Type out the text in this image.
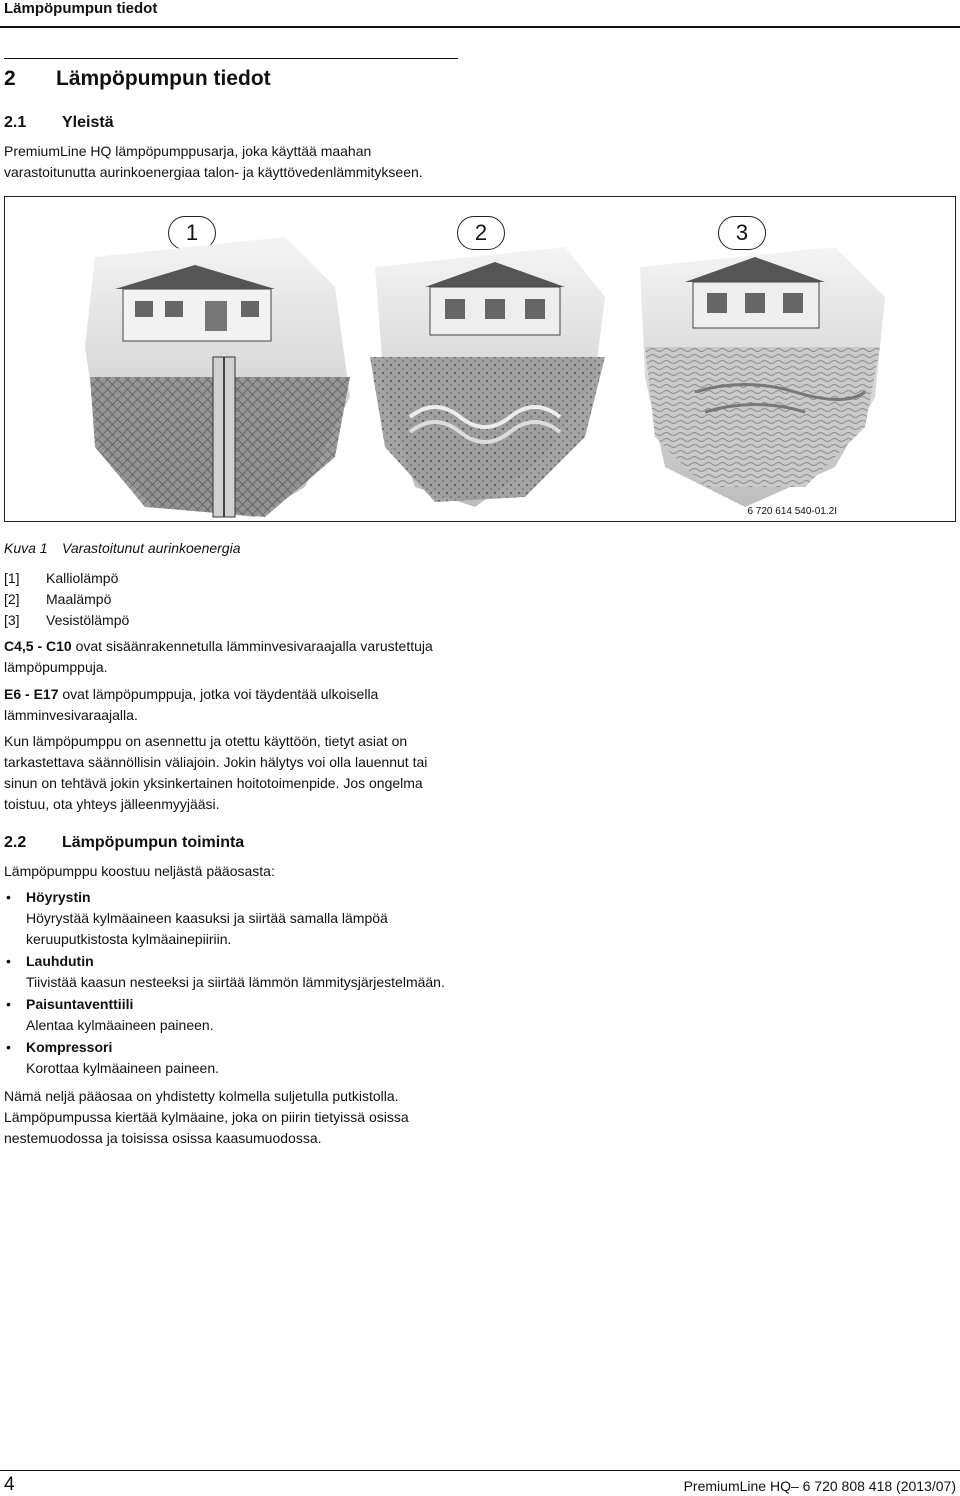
Lämpöpumpun tiedot
2 Lämpöpumpun tiedot
2.1 Yleistä
PremiumLine HQ lämpöpumppusarja, joka käyttää maahan
varastoitunutta aurinkoenergiaa talon- ja käyttövedenlämmitykseen.
1	2	3
6 720 614 540-01.2I
Kuva 1 Varastoitunut aurinkoenergia
[1] Kalliolämpö
[2] Maalämpö
[3] Vesistölämpö
C4,5 - C10 ovat sisäänrakennetulla lämminvesivaraajalla varustettuja
lämpöpumppuja.
E6 - E17 ovat lämpöpumppuja, jotka voi täydentää ulkoisella
lämminvesivaraajalla.
Kun lämpöpumppu on asennettu ja otettu käyttöön, tietyt asiat on
tarkastettava säännöllisin väliajoin. Jokin hälytys voi olla lauennut tai
sinun on tehtävä jokin yksinkertainen hoitotoimenpide. Jos ongelma
toistuu, ota yhteys jälleenmyyjääsi.
2.2 Lämpöpumpun toiminta
Lämpöpumppu koostuu neljästä pääosasta:
• Höyrystin
Höyrystää kylmäaineen kaasuksi ja siirtää samalla lämpöä
keruuputkistosta kylmäainepiiriin.
• Lauhdutin
Tiivistää kaasun nesteeksi ja siirtää lämmön lämmitysjärjestelmään.
• Paisuntaventtiili
Alentaa kylmäaineen paineen.
• Kompressori
Korottaa kylmäaineen paineen.
Nämä neljä pääosaa on yhdistetty kolmella suljetulla putkistolla.
Lämpöpumpussa kiertää kylmäaine, joka on piirin tietyissä osissa
nestemuodossa ja toisissa osissa kaasumuodossa.
4	PremiumLine HQ– 6 720 808 418 (2013/07)
